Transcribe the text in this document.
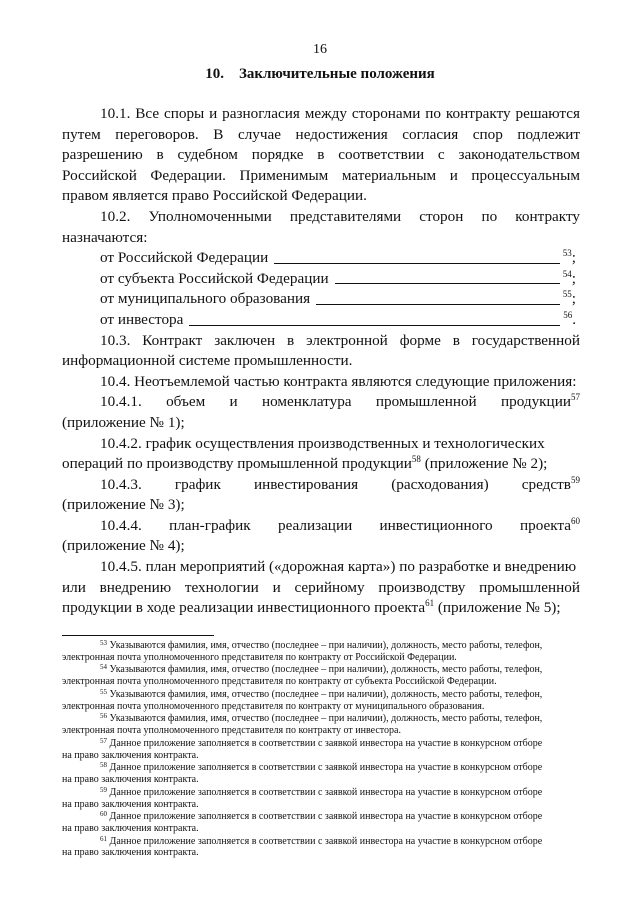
16
10. Заключительные положения

10.1. Все споры и разногласия между сторонами по контракту решаются путем переговоров. В случае недостижения согласия спор подлежит разрешению в судебном порядке в соответствии с законодательством Российской Федерации. Применимым материальным и процессуальным правом является право Российской Федерации.

10.2. Уполномоченными представителями сторон по контракту

назначаются:

от Российской Федерации	$^{53}$;
от субъекта Российской Федерации	$^{54}$;
от муниципального образования	$^{55}$;
от инвестора	$^{56}$.

10.3. Контракт заключен в электронной форме в государственной информационной системе промышленности.

10.4. Неотъемлемой частью контракта являются следующие приложения:

10.4.1. объем и номенклатура промышленной продукции$^{57}$

(приложение № 1);

10.4.2. график осуществления производственных и технологических

операций по производству промышленной продукции$^{58}$ (приложение № 2);

10.4.3. график инвестирования (расходования) средств$^{59}$

(приложение № 3);

10.4.4. план-график реализации инвестиционного проекта$^{60}$

(приложение № 4);

10.4.5. план мероприятий («дорожная карта») по разработке и внедрению
или внедрению технологии и серийному производству промышленной

продукции в ходе реализации инвестиционного проекта$^{61}$ (приложение № 5);

$^{53}$ Указываются фамилия, имя, отчество (последнее – при наличии), должность, место работы, телефон,
электронная почта уполномоченного представителя по контракту от Российской Федерации.

$^{54}$ Указываются фамилия, имя, отчество (последнее – при наличии), должность, место работы, телефон,
электронная почта уполномоченного представителя по контракту от субъекта Российской Федерации.

$^{55}$ Указываются фамилия, имя, отчество (последнее – при наличии), должность, место работы, телефон,
электронная почта уполномоченного представителя по контракту от муниципального образования.

$^{56}$ Указываются фамилия, имя, отчество (последнее – при наличии), должность, место работы, телефон,
электронная почта уполномоченного представителя по контракту от инвестора.

$^{57}$ Данное приложение заполняется в соответствии с заявкой инвестора на участие в конкурсном отборе
на право заключения контракта.

$^{58}$ Данное приложение заполняется в соответствии с заявкой инвестора на участие в конкурсном отборе
на право заключения контракта.

$^{59}$ Данное приложение заполняется в соответствии с заявкой инвестора на участие в конкурсном отборе
на право заключения контракта.

$^{60}$ Данное приложение заполняется в соответствии с заявкой инвестора на участие в конкурсном отборе
на право заключения контракта.

$^{61}$ Данное приложение заполняется в соответствии с заявкой инвестора на участие в конкурсном отборе
на право заключения контракта.
